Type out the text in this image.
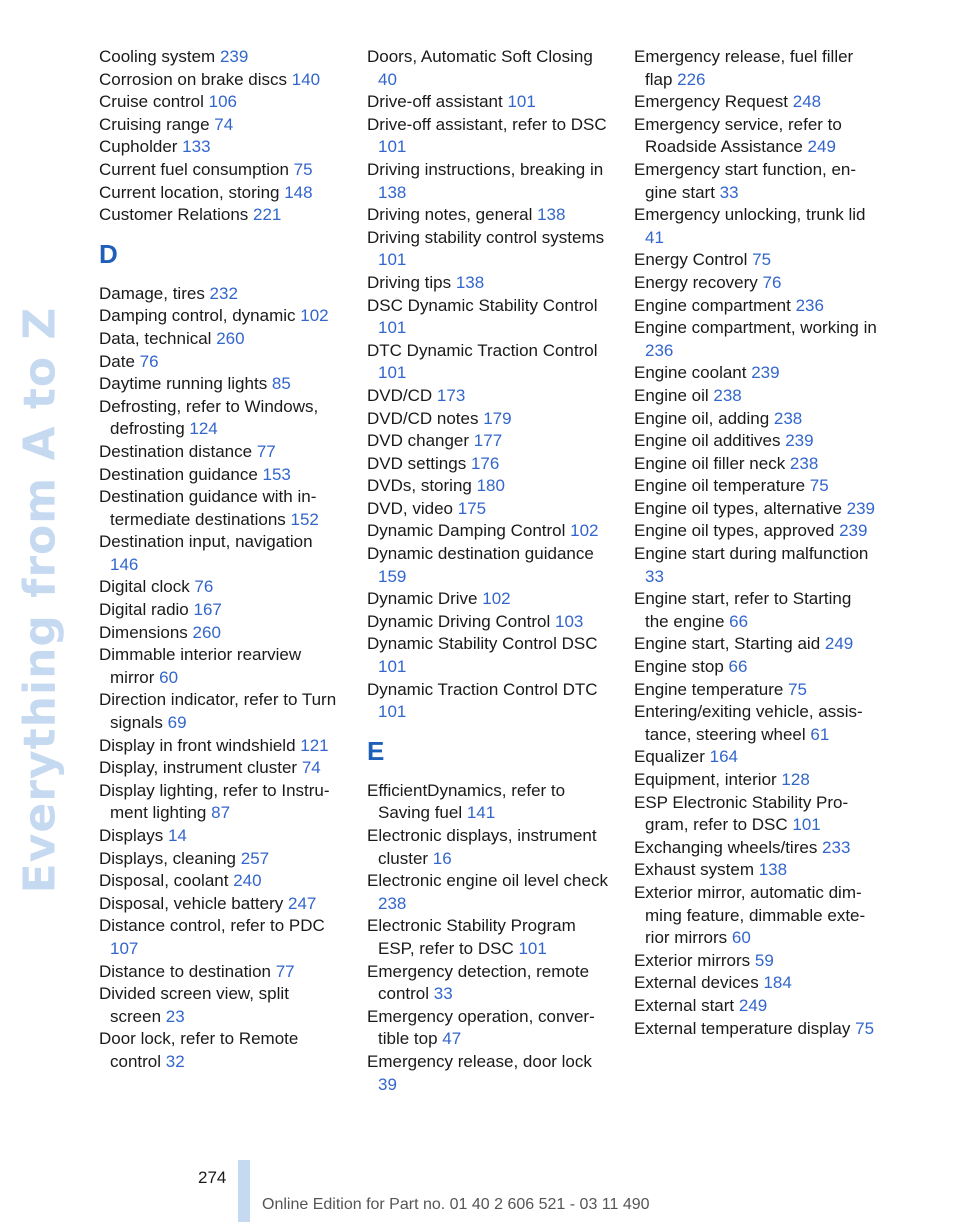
Everything from A to Z
Cooling system 239
Corrosion on brake discs 140
Cruise control 106
Cruising range 74
Cupholder 133
Current fuel consumption 75
Current location, storing 148
Customer Relations 221
D
Damage, tires 232
Damping control, dynamic 102
Data, technical 260
Date 76
Daytime running lights 85
Defrosting, refer to Windows, defrosting 124
Destination distance 77
Destination guidance 153
Destination guidance with intermediate destinations 152
Destination input, navigation 146
Digital clock 76
Digital radio 167
Dimensions 260
Dimmable interior rearview mirror 60
Direction indicator, refer to Turn signals 69
Display in front windshield 121
Display, instrument cluster 74
Display lighting, refer to Instrument lighting 87
Displays 14
Displays, cleaning 257
Disposal, coolant 240
Disposal, vehicle battery 247
Distance control, refer to PDC 107
Distance to destination 77
Divided screen view, split screen 23
Door lock, refer to Remote control 32
Doors, Automatic Soft Closing 40
Drive-off assistant 101
Drive-off assistant, refer to DSC 101
Driving instructions, breaking in 138
Driving notes, general 138
Driving stability control systems 101
Driving tips 138
DSC Dynamic Stability Control 101
DTC Dynamic Traction Control 101
DVD/CD 173
DVD/CD notes 179
DVD changer 177
DVD settings 176
DVDs, storing 180
DVD, video 175
Dynamic Damping Control 102
Dynamic destination guidance 159
Dynamic Drive 102
Dynamic Driving Control 103
Dynamic Stability Control DSC 101
Dynamic Traction Control DTC 101
E
EfficientDynamics, refer to Saving fuel 141
Electronic displays, instrument cluster 16
Electronic engine oil level check 238
Electronic Stability Program ESP, refer to DSC 101
Emergency detection, remote control 33
Emergency operation, convertible top 47
Emergency release, door lock 39
Emergency release, fuel filler flap 226
Emergency Request 248
Emergency service, refer to Roadside Assistance 249
Emergency start function, engine start 33
Emergency unlocking, trunk lid 41
Energy Control 75
Energy recovery 76
Engine compartment 236
Engine compartment, working in 236
Engine coolant 239
Engine oil 238
Engine oil, adding 238
Engine oil additives 239
Engine oil filler neck 238
Engine oil temperature 75
Engine oil types, alternative 239
Engine oil types, approved 239
Engine start during malfunction 33
Engine start, refer to Starting the engine 66
Engine start, Starting aid 249
Engine stop 66
Engine temperature 75
Entering/exiting vehicle, assistance, steering wheel 61
Equalizer 164
Equipment, interior 128
ESP Electronic Stability Program, refer to DSC 101
Exchanging wheels/tires 233
Exhaust system 138
Exterior mirror, automatic dimming feature, dimmable exterior mirrors 60
Exterior mirrors 59
External devices 184
External start 249
External temperature display 75
274
Online Edition for Part no. 01 40 2 606 521 - 03 11 490
